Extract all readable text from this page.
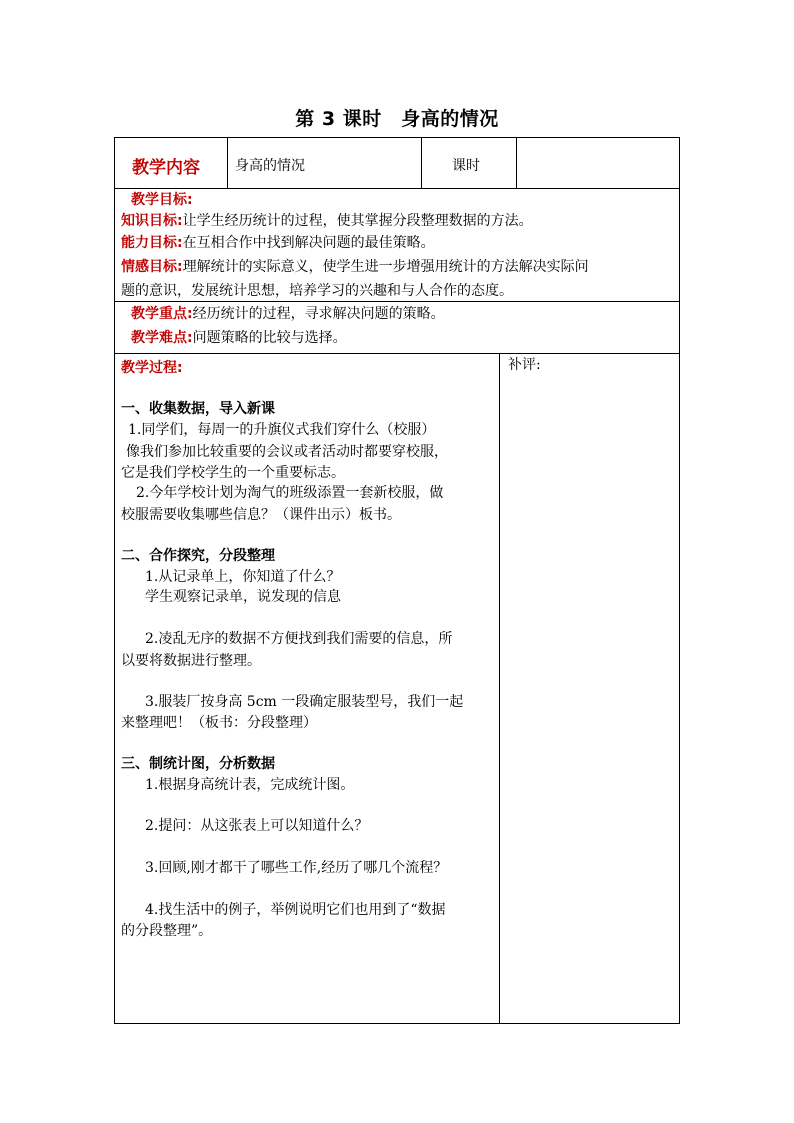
第 3 课时　身高的情况
教学内容	身高的情况	课时
教学目标:
知识目标:让学生经历统计的过程，使其掌握分段整理数据的方法。
能力目标:在互相合作中找到解决问题的最佳策略。
情感目标:理解统计的实际意义，使学生进一步增强用统计的方法解决实际问
题的意识，发展统计思想，培养学习的兴趣和与人合作的态度。
教学重点:经历统计的过程，寻求解决问题的策略。
教学难点:问题策略的比较与选择。
教学过程:	补评:
一、收集数据，导入新课
1.同学们，每周一的升旗仪式我们穿什么（校服）
像我们参加比较重要的会议或者活动时都要穿校服，
它是我们学校学生的一个重要标志。
2.今年学校计划为淘气的班级添置一套新校服，做
校服需要收集哪些信息？（课件出示）板书。
二、合作探究，分段整理
1.从记录单上，你知道了什么？
学生观察记录单，说发现的信息
2.凌乱无序的数据不方便找到我们需要的信息，所
以要将数据进行整理。
3.服装厂按身高 5cm 一段确定服装型号，我们一起
来整理吧！（板书：分段整理）
三、制统计图，分析数据
1.根据身高统计表，完成统计图。
2.提问：从这张表上可以知道什么？
3.回顾,刚才都干了哪些工作,经历了哪几个流程？
4.找生活中的例子，举例说明它们也用到了“数据
的分段整理”。
